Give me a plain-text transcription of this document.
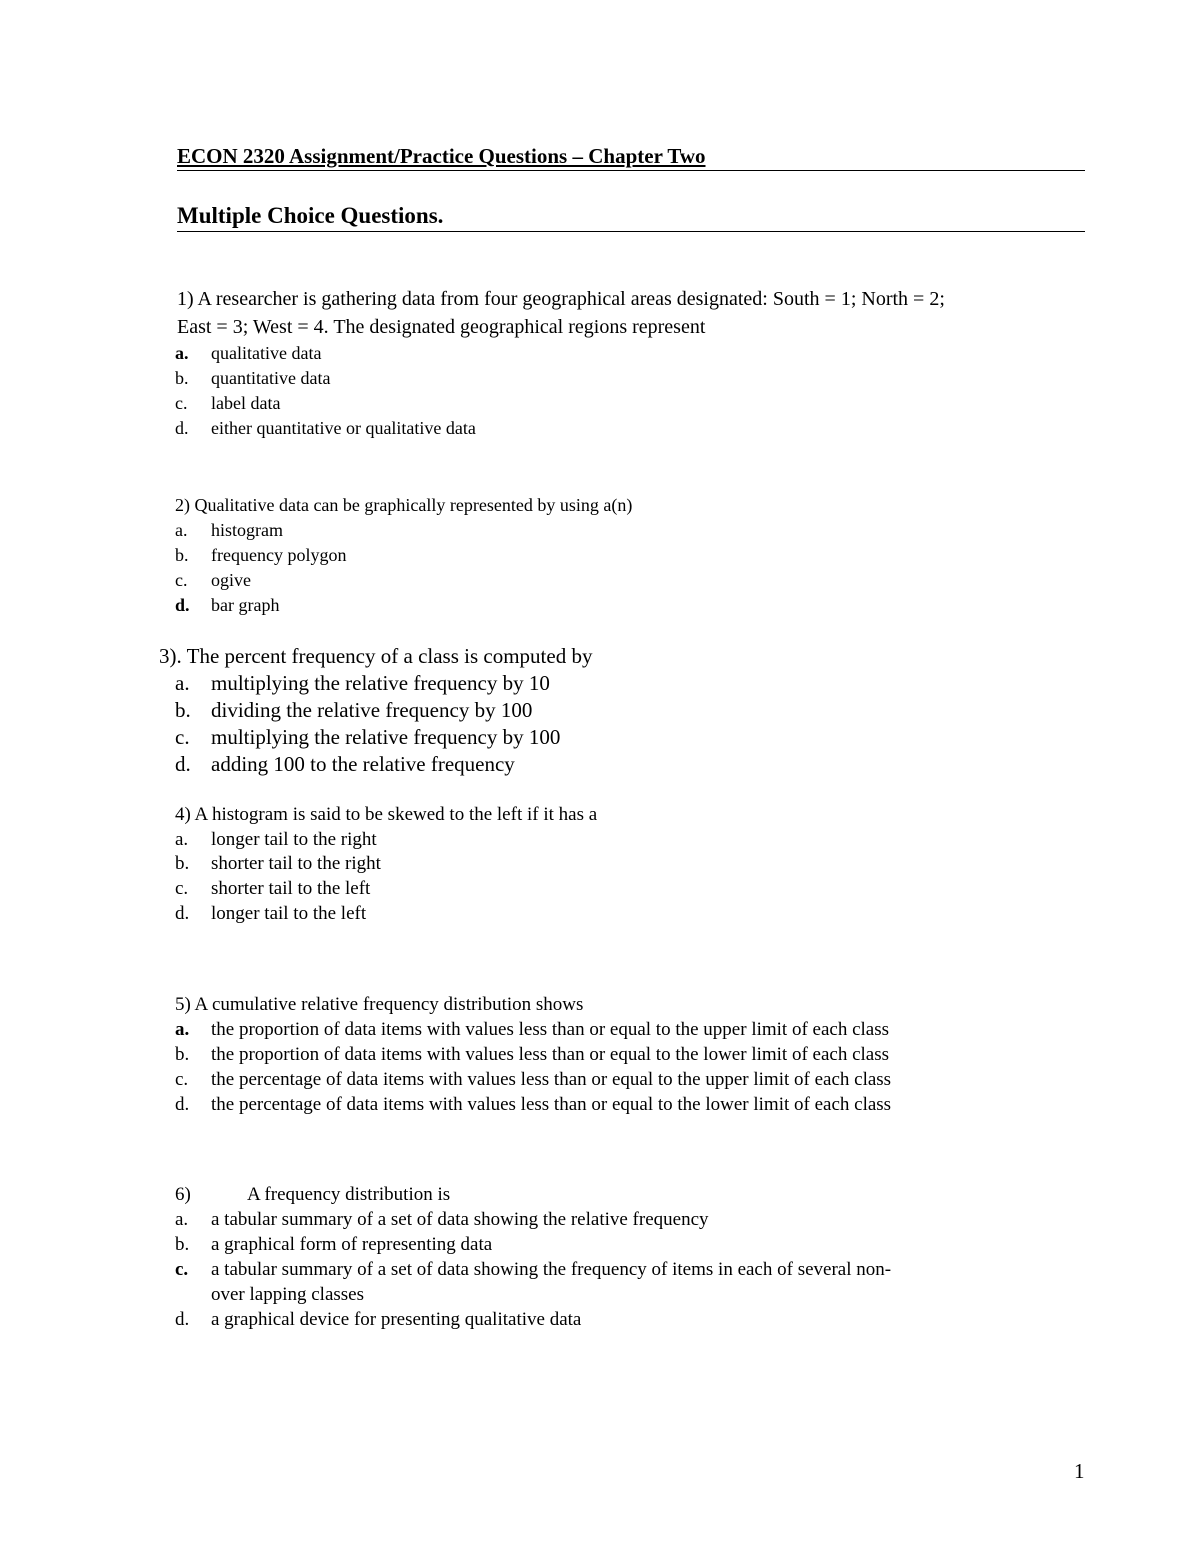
ECON 2320 Assignment/Practice Questions – Chapter Two
Multiple Choice Questions.
1) A researcher is gathering data from four geographical areas designated: South = 1; North = 2;
East = 3; West = 4. The designated geographical regions represent
a. qualitative data
b. quantitative data
c. label data
d. either quantitative or qualitative data
2) Qualitative data can be graphically represented by using a(n)
a. histogram
b. frequency polygon
c. ogive
d. bar graph
3). The percent frequency of a class is computed by
a. multiplying the relative frequency by 10
b. dividing the relative frequency by 100
c. multiplying the relative frequency by 100
d. adding 100 to the relative frequency
4) A histogram is said to be skewed to the left if it has a
a. longer tail to the right
b. shorter tail to the right
c. shorter tail to the left
d. longer tail to the left
5) A cumulative relative frequency distribution shows
a. the proportion of data items with values less than or equal to the upper limit of each class
b. the proportion of data items with values less than or equal to the lower limit of each class
c. the percentage of data items with values less than or equal to the upper limit of each class
d. the percentage of data items with values less than or equal to the lower limit of each class
6)	A frequency distribution is
a. a tabular summary of a set of data showing the relative frequency
b. a graphical form of representing data
c. a tabular summary of a set of data showing the frequency of items in each of several non-
over lapping classes
d. a graphical device for presenting qualitative data
1
